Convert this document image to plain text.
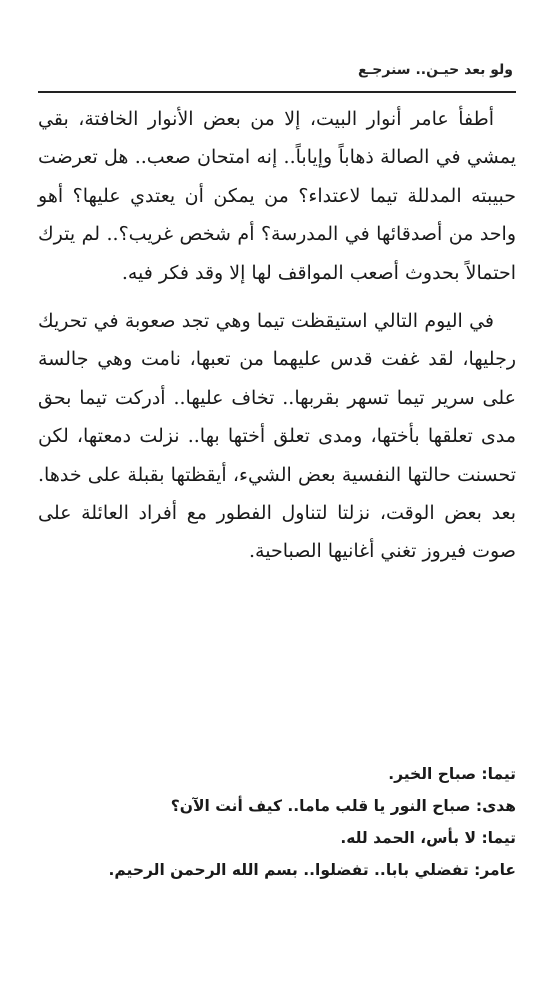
ولو بعد حيـن.. سنرجـع

أطفأ عامر أنوار البيت، إلا من بعض الأنوار الخافتة، بقي يمشي في الصالة ذهاباً وإياباً.. إنه امتحان صعب.. هل تعرضت حبيبته المدللة تيما لاعتداء؟ من يمكن أن يعتدي عليها؟ أهو واحد من أصدقائها في المدرسة؟ أم شخص غريب؟.. لم يترك احتمالاً بحدوث أصعب المواقف لها إلا وقد فكر فيه.

في اليوم التالي استيقظت تيما وهي تجد صعوبة في تحريك رجليها، لقد غفت قدس عليهما من تعبها، نامت وهي جالسة على سرير تيما تسهر بقربها.. تخاف عليها.. أدركت تيما بحق مدى تعلقها بأختها، ومدى تعلق أختها بها.. نزلت دمعتها، لكن تحسنت حالتها النفسية بعض الشيء، أيقظتها بقبلة على خدها. بعد بعض الوقت، نزلتا لتناول الفطور مع أفراد العائلة على صوت فيروز تغني أغانيها الصباحية.

تيما: صباح الخير.
هدى: صباح النور يا قلب ماما.. كيف أنت الآن؟
تيما: لا بأس، الحمد لله.
عامر: تفضلي بابا.. تفضلوا.. بسم الله الرحمن الرحيم.
